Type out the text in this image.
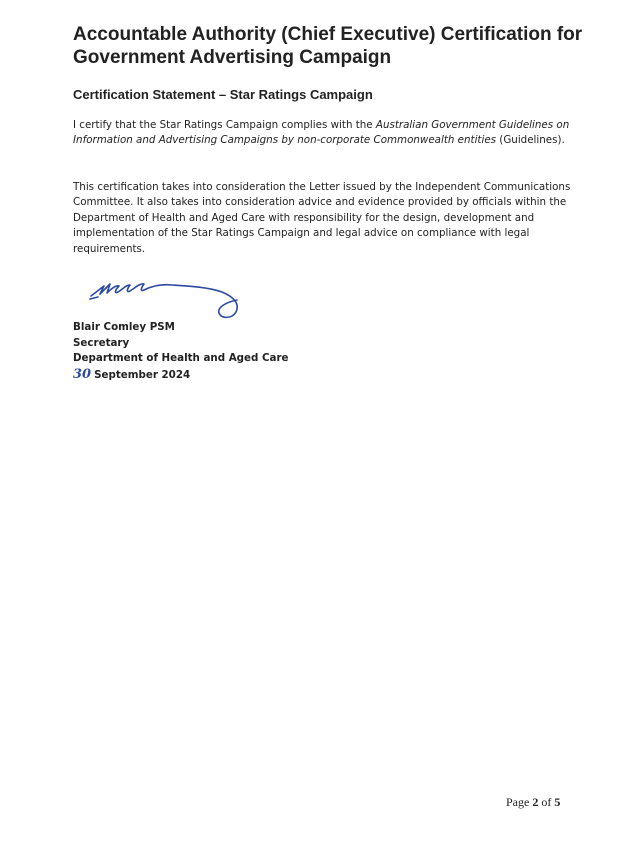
Accountable Authority (Chief Executive) Certification for Government Advertising Campaign
Certification Statement – Star Ratings Campaign
I certify that the Star Ratings Campaign complies with the Australian Government Guidelines on Information and Advertising Campaigns by non-corporate Commonwealth entities (Guidelines).
This certification takes into consideration the Letter issued by the Independent Communications Committee. It also takes into consideration advice and evidence provided by officials within the Department of Health and Aged Care with responsibility for the design, development and implementation of the Star Ratings Campaign and legal advice on compliance with legal requirements.
Blair Comley PSM
Secretary
Department of Health and Aged Care
30 September 2024
Page 2 of 5
